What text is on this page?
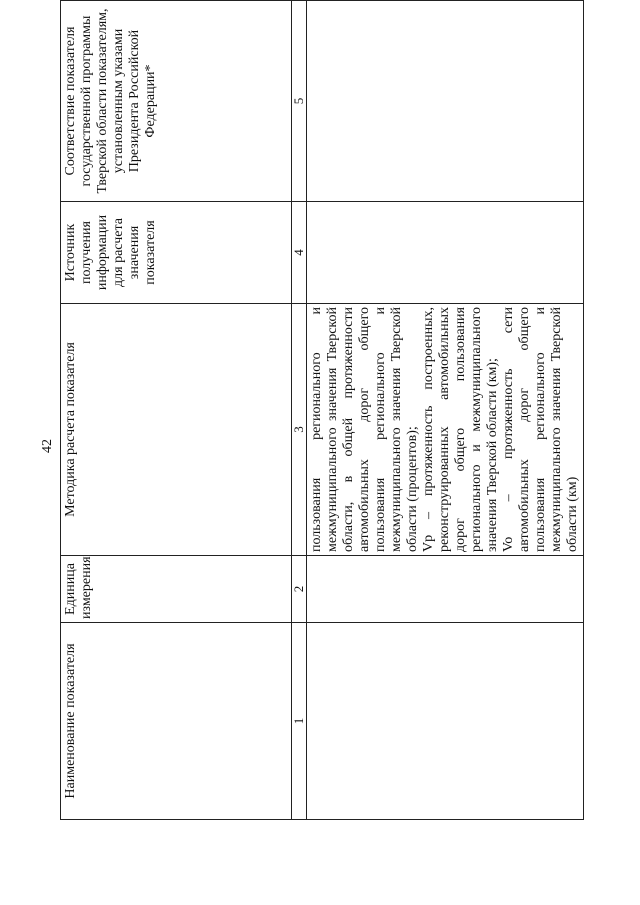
42
Наименование показателя	Единица измерения	Методика расчета показателя	Источник получения информации для расчета значения показателя	Соответствие показателя государственной программы Тверской области показателям, установленным указами Президента Российской Федерации*
1	2	3	4	5

		пользования регионального и межмуниципального значения Тверской области, в общей протяженности автомобильных дорог общего пользования регионального и межмуниципального значения Тверской области (процентов); Vp – протяженность построенных, реконструированных автомобильных дорог общего пользования регионального и межмуниципального значения Тверской области (км); Vo – протяженность сети автомобильных дорог общего пользования регионального и межмуниципального значения Тверской области (км)		
